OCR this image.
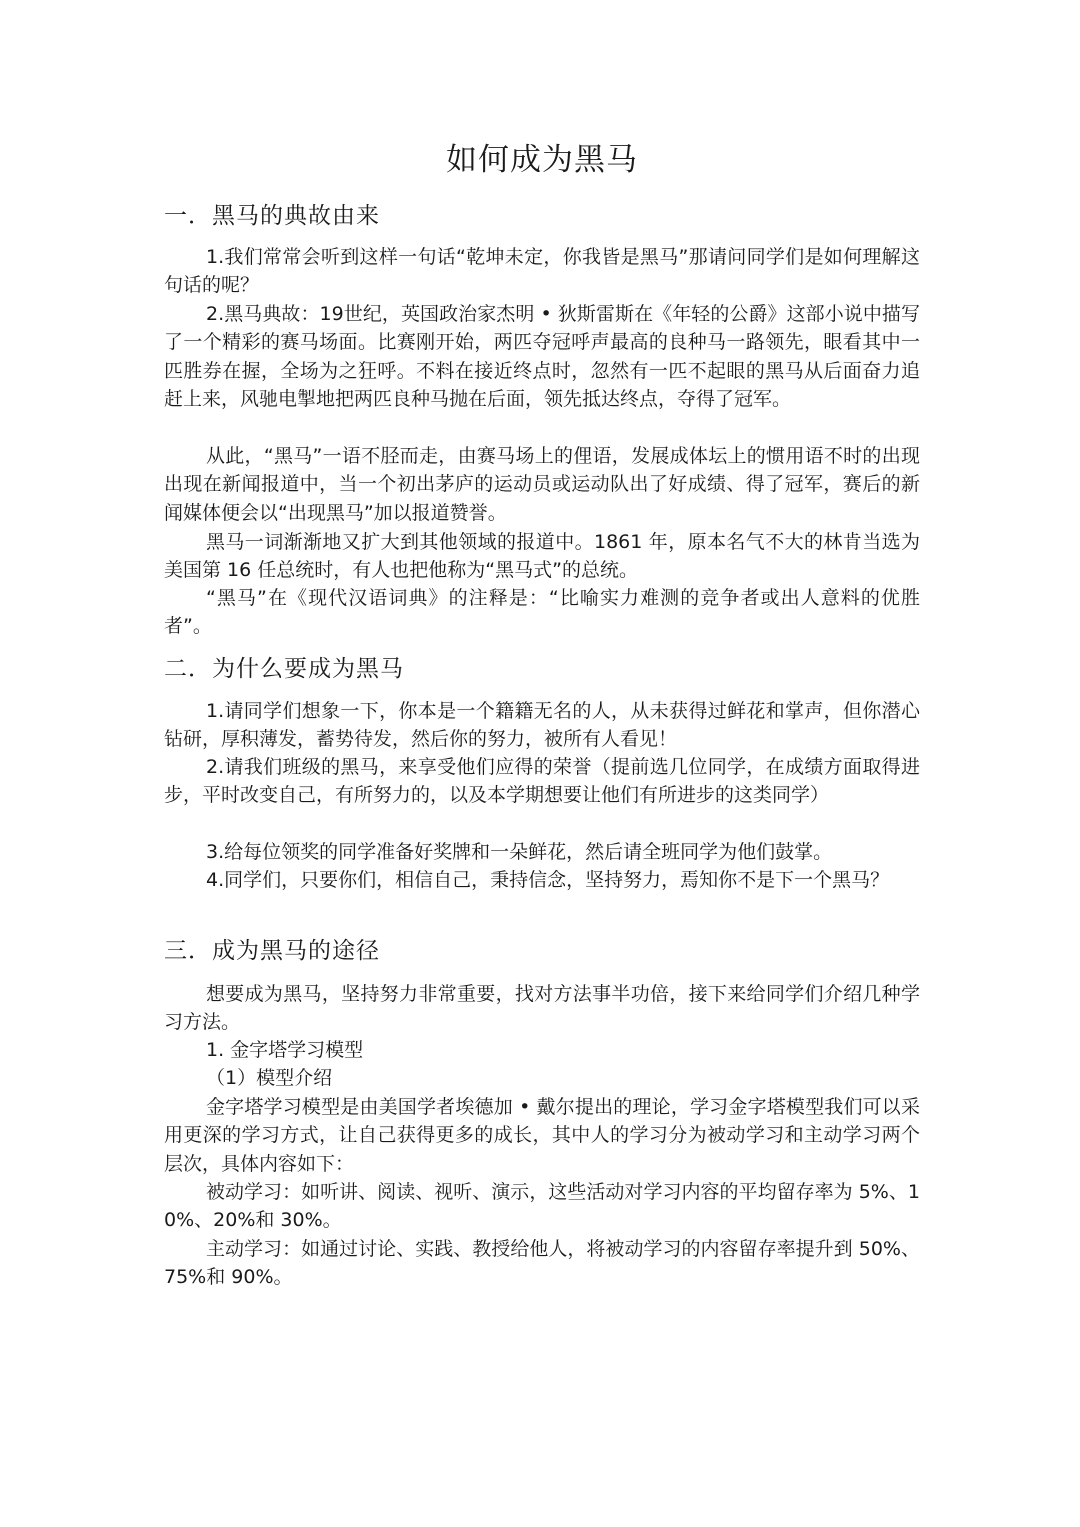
如何成为黑马
一．黑马的典故由来
1.我们常常会听到这样一句话“乾坤未定，你我皆是黑马”那请问同学们是如何理解这句话的呢？
2.黑马典故：19世纪，英国政治家杰明 • 狄斯雷斯在《年轻的公爵》这部小说中描写了一个精彩的赛马场面。比赛刚开始，两匹夺冠呼声最高的良种马一路领先，眼看其中一匹胜券在握，全场为之狂呼。不料在接近终点时，忽然有一匹不起眼的黑马从后面奋力追赶上来，风驰电掣地把两匹良种马抛在后面，领先抵达终点，夺得了冠军。
从此，“黑马”一语不胫而走，由赛马场上的俚语，发展成体坛上的惯用语不时的出现出现在新闻报道中，当一个初出茅庐的运动员或运动队出了好成绩、得了冠军，赛后的新闻媒体便会以“出现黑马”加以报道赞誉。
黑马一词渐渐地又扩大到其他领域的报道中。1861 年，原本名气不大的林肯当选为美国第 16 任总统时，有人也把他称为“黑马式”的总统。
“黑马”在《现代汉语词典》的注释是：“比喻实力难测的竞争者或出人意料的优胜者”。
二．为什么要成为黑马
1.请同学们想象一下，你本是一个籍籍无名的人，从未获得过鲜花和掌声，但你潜心钻研，厚积薄发，蓄势待发，然后你的努力，被所有人看见！
2.请我们班级的黑马，来享受他们应得的荣誉（提前选几位同学，在成绩方面取得进步，平时改变自己，有所努力的，以及本学期想要让他们有所进步的这类同学）
3.给每位领奖的同学准备好奖牌和一朵鲜花，然后请全班同学为他们鼓掌。
4.同学们，只要你们，相信自己，秉持信念，坚持努力，焉知你不是下一个黑马？
三．成为黑马的途径
想要成为黑马，坚持努力非常重要，找对方法事半功倍，接下来给同学们介绍几种学习方法。
1. 金字塔学习模型
（1）模型介绍
金字塔学习模型是由美国学者埃德加 • 戴尔提出的理论，学习金字塔模型我们可以采用更深的学习方式，让自己获得更多的成长，其中人的学习分为被动学习和主动学习两个层次，具体内容如下：
被动学习：如听讲、阅读、视听、演示，这些活动对学习内容的平均留存率为 5%、10%、20%和 30%。
主动学习：如通过讨论、实践、教授给他人，将被动学习的内容留存率提升到 50%、75%和 90%。
